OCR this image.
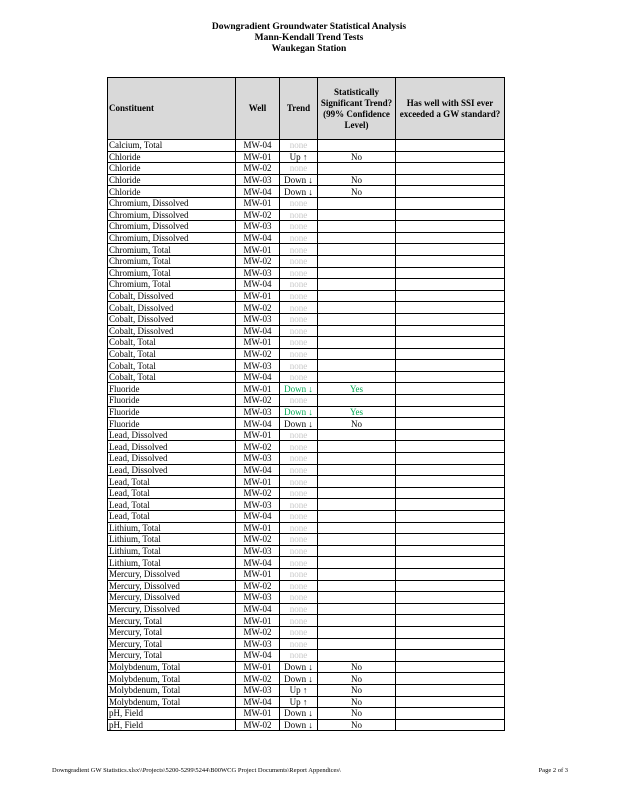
Downgradient Groundwater Statistical Analysis
Mann-Kendall Trend Tests
Waukegan Station
Constituent	Well	Trend	Statistically Significant Trend? (99% Confidence Level)	Has well with SSI ever exceeded a GW standard?
Calcium, Total	MW-04	none		
Chloride	MW-01	Up ↑	No	
Chloride	MW-02	none		
Chloride	MW-03	Down ↓	No	
Chloride	MW-04	Down ↓	No	
Chromium, Dissolved	MW-01	none		
Chromium, Dissolved	MW-02	none		
Chromium, Dissolved	MW-03	none		
Chromium, Dissolved	MW-04	none		
Chromium, Total	MW-01	none		
Chromium, Total	MW-02	none		
Chromium, Total	MW-03	none		
Chromium, Total	MW-04	none		
Cobalt, Dissolved	MW-01	none		
Cobalt, Dissolved	MW-02	none		
Cobalt, Dissolved	MW-03	none		
Cobalt, Dissolved	MW-04	none		
Cobalt, Total	MW-01	none		
Cobalt, Total	MW-02	none		
Cobalt, Total	MW-03	none		
Cobalt, Total	MW-04	none		
Fluoride	MW-01	Down ↓	Yes	
Fluoride	MW-02	none		
Fluoride	MW-03	Down ↓	Yes	
Fluoride	MW-04	Down ↓	No	
Lead, Dissolved	MW-01	none		
Lead, Dissolved	MW-02	none		
Lead, Dissolved	MW-03	none		
Lead, Dissolved	MW-04	none		
Lead, Total	MW-01	none		
Lead, Total	MW-02	none		
Lead, Total	MW-03	none		
Lead, Total	MW-04	none		
Lithium, Total	MW-01	none		
Lithium, Total	MW-02	none		
Lithium, Total	MW-03	none		
Lithium, Total	MW-04	none		
Mercury, Dissolved	MW-01	none		
Mercury, Dissolved	MW-02	none		
Mercury, Dissolved	MW-03	none		
Mercury, Dissolved	MW-04	none		
Mercury, Total	MW-01	none		
Mercury, Total	MW-02	none		
Mercury, Total	MW-03	none		
Mercury, Total	MW-04	none		
Molybdenum, Total	MW-01	Down ↓	No	
Molybdenum, Total	MW-02	Down ↓	No	
Molybdenum, Total	MW-03	Up ↑	No	
Molybdenum, Total	MW-04	Up ↑	No	
pH, Field	MW-01	Down ↓	No	
pH, Field	MW-02	Down ↓	No	
Downgradient GW Statistics.xlsx\\Projects\5200-5299\5244\B00WCG Project Documents\Report Appendices\	Page 2 of 3
